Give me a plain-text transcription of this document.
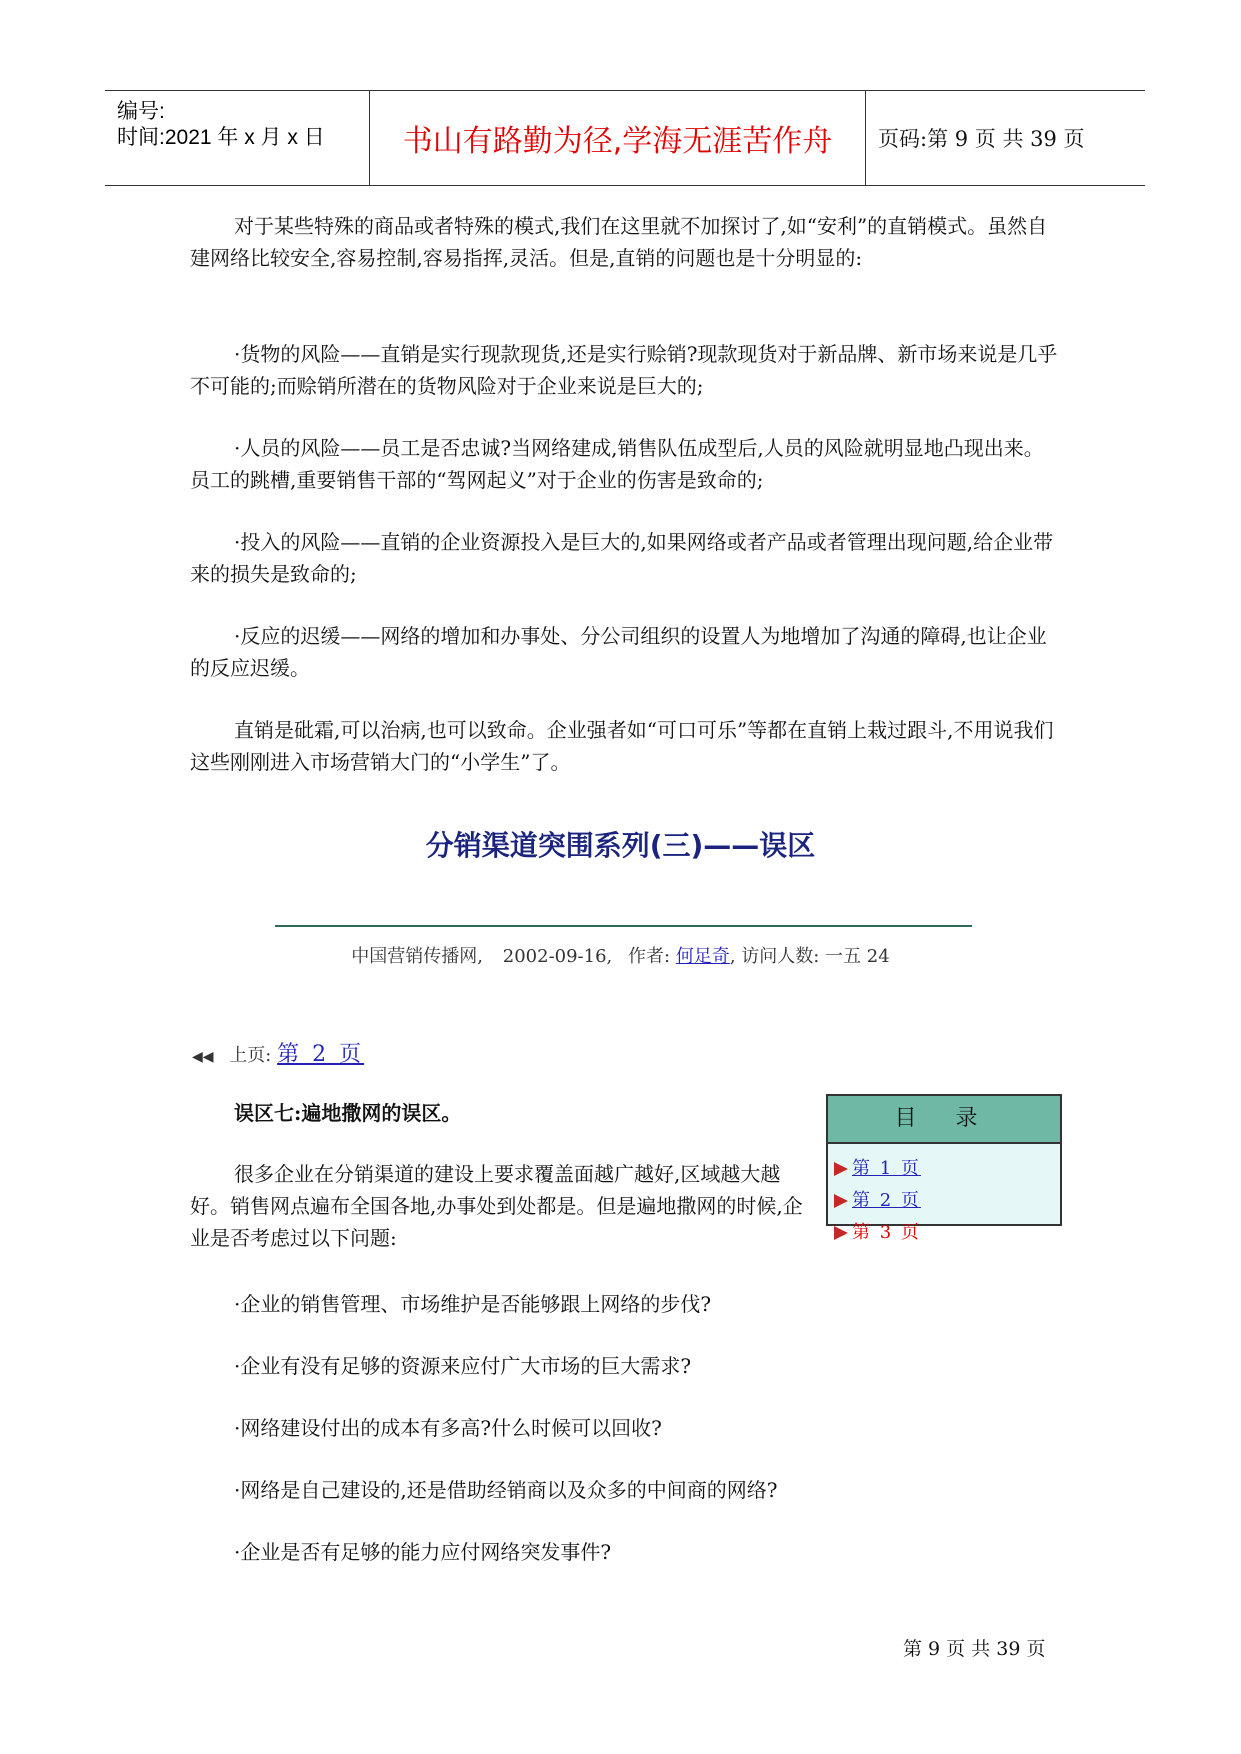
编号:
时间:2021 年 x 月 x 日	书山有路勤为径,学海无涯苦作舟	页码:第 9 页 共 39 页

对于某些特殊的商品或者特殊的模式,我们在这里就不加探讨了,如“安利”的直销模式。虽然自建网络比较安全,容易控制,容易指挥,灵活。但是,直销的问题也是十分明显的:

·货物的风险——直销是实行现款现货,还是实行赊销?现款现货对于新品牌、新市场来说是几乎不可能的;而赊销所潜在的货物风险对于企业来说是巨大的;

·人员的风险——员工是否忠诚?当网络建成,销售队伍成型后,人员的风险就明显地凸现出来。员工的跳槽,重要销售干部的“驾网起义”对于企业的伤害是致命的;

·投入的风险——直销的企业资源投入是巨大的,如果网络或者产品或者管理出现问题,给企业带来的损失是致命的;

·反应的迟缓——网络的增加和办事处、分公司组织的设置人为地增加了沟通的障碍,也让企业的反应迟缓。

直销是砒霜,可以治病,也可以致命。企业强者如“可口可乐”等都在直销上栽过跟斗,不用说我们这些刚刚进入市场营销大门的“小学生”了。

分销渠道突围系列(三)——误区
中国营销传播网, 2002-09-16, 作者: 何足奇, 访问人数: 一五 24
◀◀ 上页: 第 2 页
误区七:遍地撒网的误区。	目 录
第 1 页
第 2 页
第 3 页

很多企业在分销渠道的建设上要求覆盖面越广越好,区域越大越好。销售网点遍布全国各地,办事处到处都是。但是遍地撒网的时候,企业是否考虑过以下问题:

·企业的销售管理、市场维护是否能够跟上网络的步伐?

·企业有没有足够的资源来应付广大市场的巨大需求?

·网络建设付出的成本有多高?什么时候可以回收?

·网络是自己建设的,还是借助经销商以及众多的中间商的网络?

·企业是否有足够的能力应付网络突发事件?

第 9 页 共 39 页
